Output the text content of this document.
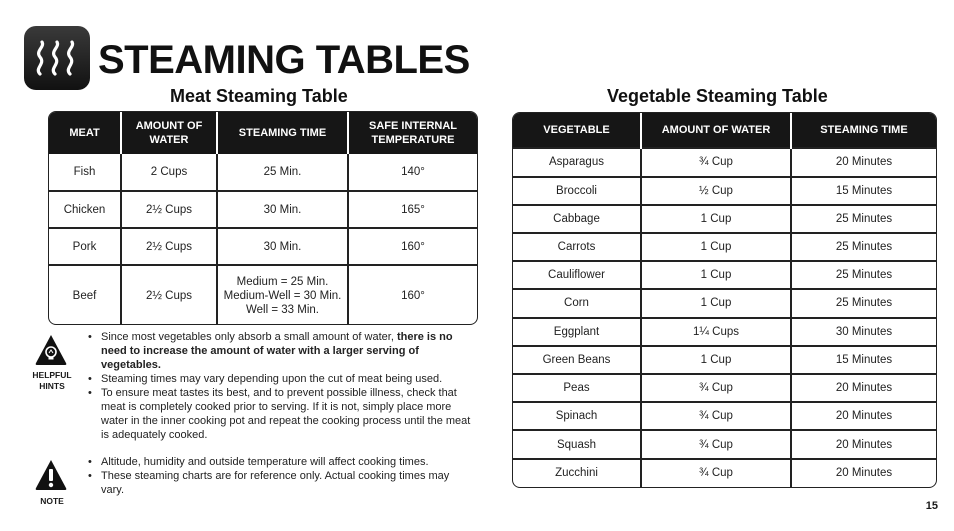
STEAMING TABLES
Meat Steaming Table	Vegetable Steaming Table
MEAT	AMOUNT OF WATER	STEAMING TIME	SAFE INTERNAL TEMPERATURE
Fish	2 Cups	25 Min.	140°
Chicken	2½ Cups	30 Min.	165°
Pork	2½ Cups	30 Min.	160°
Beef	2½ Cups	Medium = 25 Min.
Medium-Well = 30 Min.
Well = 33 Min.	160°
VEGETABLE	AMOUNT OF WATER	STEAMING TIME
Asparagus	¾ Cup	20 Minutes
Broccoli	½ Cup	15 Minutes
Cabbage	1 Cup	25 Minutes
Carrots	1 Cup	25 Minutes
Cauliflower	1 Cup	25 Minutes
Corn	1 Cup	25 Minutes
Eggplant	1¼ Cups	30 Minutes
Green Beans	1 Cup	15 Minutes
Peas	¾ Cup	20 Minutes
Spinach	¾ Cup	20 Minutes
Squash	¾ Cup	20 Minutes
Zucchini	¾ Cup	20 Minutes
HELPFUL
HINTS
• Since most vegetables only absorb a small amount of water, there is no need to increase the amount of water with a larger serving of vegetables.
• Steaming times may vary depending upon the cut of meat being used.
• To ensure meat tastes its best, and to prevent possible illness, check that meat is completely cooked prior to serving. If it is not, simply place more water in the inner cooking pot and repeat the cooking process until the meat is adequately cooked.
NOTE
• Altitude, humidity and outside temperature will affect cooking times.
• These steaming charts are for reference only. Actual cooking times may vary.
15
